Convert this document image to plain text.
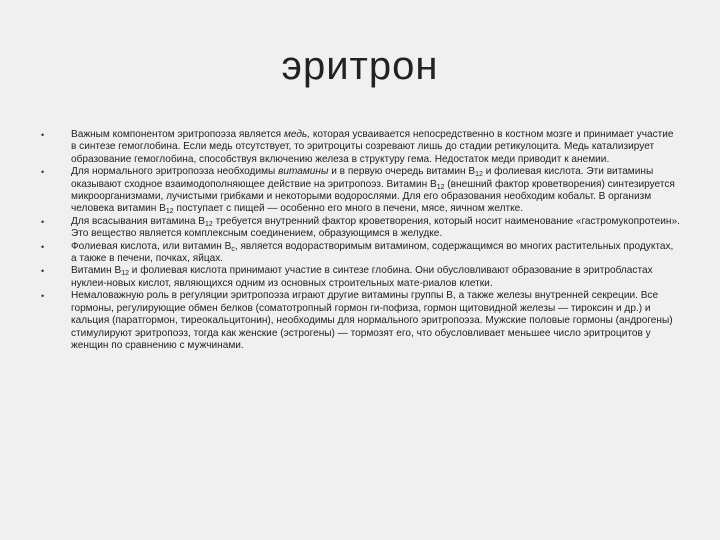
эритрон
•	Важным компонентом эритропоэза является медь, которая усваивается непосредственно в костном мозге и принимает участие в синтезе гемоглобина. Если медь отсутствует, то эритроциты созревают лишь до стадии ретикулоцита. Медь катализирует образование гемоглобина, способствуя включению железа в структуру гема. Недостаток меди приводит к анемии.
•	Для нормального эритропоэза необходимы витамины и в первую очередь витамин $В_{12}$ и фолиевая кислота. Эти витамины оказывают сходное взаимодополняющее действие на эритропоэз. Витамин $В_{12}$ (внешний фактор кроветворения) синтезируется микроорганизмами, лучистыми грибками и некоторыми водорослями. Для его образования необходим кобальт. В организм человека витамин $В_{12}$ поступает с пищей — особенно его много в печени, мясе, яичном желтке.
•	Для всасывания витамина $В_{12}$ требуется внутренний фактор кроветворения, который носит наименование «гастромукопротеин». Это вещество является комплексным соединением, образующимся в желудке.
•	Фолиевая кислота, или витамин $В_с$, является водорастворимым витамином, содержащимся во многих растительных продуктах, а также в печени, почках, яйцах.
•	Витамин $В_{12}$ и фолиевая кислота принимают участие в синтезе глобина. Они обусловливают образование в эритробластах нуклеи-новых кислот, являющихся одним из основных строительных мате-риалов клетки.
•	Немаловажную роль в регуляции эритропоэза играют другие витамины группы В, а также железы внутренней секреции. Все гормоны, регулирующие обмен белков (соматотропный гормон ги-пофиза, гормон щитовидной железы — тироксин и др.) и кальция (паратгормон, тиреокальцитонин), необходимы для нормального эритропоэза. Мужские половые гормоны (андрогены) стимулируют эритропоэз, тогда как женские (эстрогены) — тормозят его, что обусловливает меньшее число эритроцитов у женщин по сравнению с мужчинами.
